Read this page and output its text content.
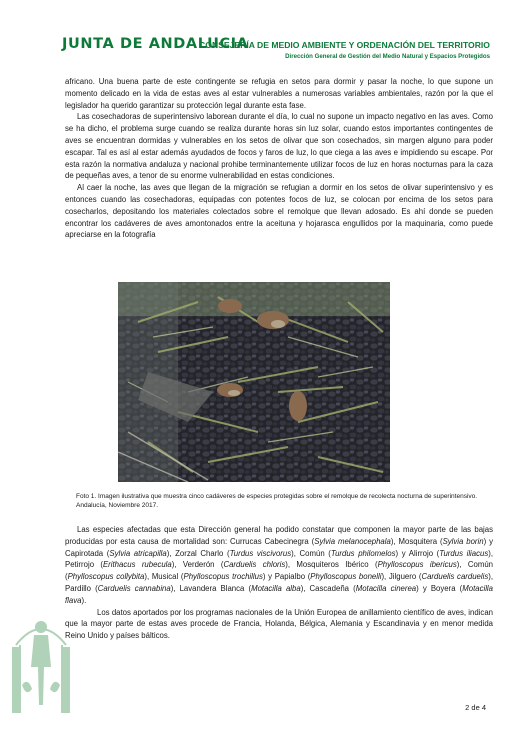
JUNTA DE ANDALUCIA
CONSEJERÍA DE MEDIO AMBIENTE Y ORDENACIÓN DEL TERRITORIO
Dirección General de Gestión del Medio Natural y Espacios Protegidos

africano. Una buena parte de este contingente se refugia en setos para dormir y pasar la noche, lo que supone un momento delicado en la vida de estas aves al estar vulnerables a numerosas variables ambientales, razón por la que el legislador ha querido garantizar su protección legal durante esta fase.

Las cosechadoras de superintensivo laborean durante el día, lo cual no supone un impacto negativo en las aves. Como se ha dicho, el problema surge cuando se realiza durante horas sin luz solar, cuando estos importantes contingentes de aves se encuentran dormidas y vulnerables en los setos de olivar que son cosechados, sin margen alguno para poder escapar. Tal es así al estar además ayudados de focos y faros de luz, lo que ciega a las aves e impidiendo su escape. Por esta razón la normativa andaluza y nacional prohibe terminantemente utilizar focos de luz en horas nocturnas para la caza de pequeñas aves, a tenor de su enorme vulnerabilidad en estas condiciones.

Al caer la noche, las aves que llegan de la migración se refugian a dormir en los setos de olivar superintensivo y es entonces cuando las cosechadoras, equipadas con potentes focos de luz, se colocan por encima de los setos para cosecharlos, depositando los materiales colectados sobre el remolque que llevan adosado. Es ahí donde se pueden encontrar los cadáveres de aves amontonados entre la aceituna y hojarasca engullidos por la maquinaria, como puede apreciarse en la fotografía

Foto 1. Imagen ilustrativa que muestra cinco cadáveres de especies protegidas sobre el remolque de recolecta nocturna de superintensivo. Andalucía, Noviembre 2017.

Las especies afectadas que esta Dirección general ha podido constatar que componen la mayor parte de las bajas producidas por esta causa de mortalidad son: Currucas Cabecinegra (Sylvia melanocephala), Mosquitera (Sylvia borin) y Capirotada (Sylvia atricapilla), Zorzal Charlo (Turdus viscivorus), Común (Turdus philomelos) y Alirrojo (Turdus iliacus), Petirrojo (Erithacus rubecula), Verderón (Carduelis chloris), Mosquiteros Ibérico (Phylloscopus ibericus), Común (Phylloscopus collybita), Musical (Phylloscopus trochillus) y Papialbo (Phylloscopus bonelli), Jilguero (Carduelis carduelis), Pardillo (Carduelis cannabina), Lavandera Blanca (Motacilla alba), Cascadeña (Motacilla cinerea) y Boyera (Motacilla flava).

Los datos aportados por los programas nacionales de la Unión Europea de anillamiento científico de aves, indican que la mayor parte de estas aves procede de Francia, Holanda, Bélgica, Alemania y Escandinavia y en menor medida Reino Unido y países bálticos.

2 de 4
